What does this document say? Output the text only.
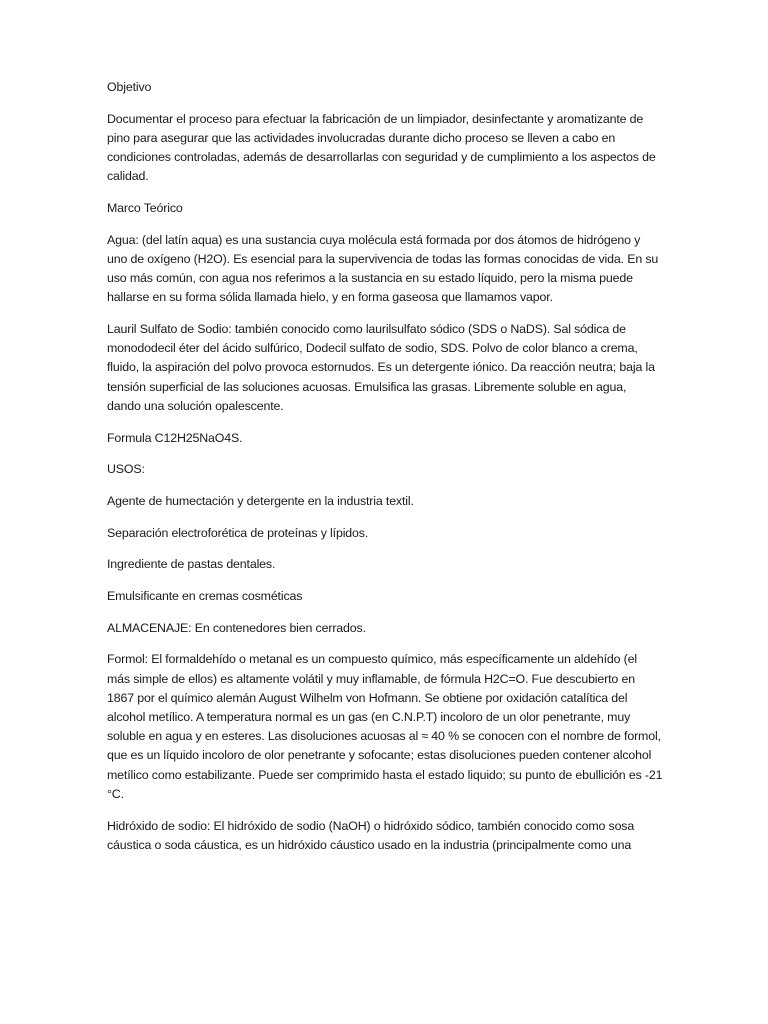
Objetivo

Documentar el proceso para efectuar la fabricación de un limpiador, desinfectante y aromatizante de pino para asegurar que las actividades involucradas durante dicho proceso se lleven a cabo en condiciones controladas, además de desarrollarlas con seguridad y de cumplimiento a los aspectos de calidad.

Marco Teórico

Agua: (del latín aqua) es una sustancia cuya molécula está formada por dos átomos de hidrógeno y uno de oxígeno (H2O). Es esencial para la supervivencia de todas las formas conocidas de vida. En su uso más común, con agua nos referimos a la sustancia en su estado líquido, pero la misma puede hallarse en su forma sólida llamada hielo, y en forma gaseosa que llamamos vapor.

Lauril Sulfato de Sodio: también conocido como laurilsulfato sódico (SDS o NaDS). Sal sódica de monododecil éter del ácido sulfúrico, Dodecil sulfato de sodio, SDS. Polvo de color blanco a crema, fluido, la aspiración del polvo provoca estornudos. Es un detergente iónico. Da reacción neutra; baja la tensión superficial de las soluciones acuosas. Emulsifica las grasas. Libremente soluble en agua, dando una solución opalescente.

Formula C12H25NaO4S.

USOS:

Agente de humectación y detergente en la industria textil.

Separación electroforética de proteínas y lípidos.

Ingrediente de pastas dentales.

Emulsificante en cremas cosméticas

ALMACENAJE: En contenedores bien cerrados.

Formol: El formaldehído o metanal es un compuesto químico, más específicamente un aldehído (el más simple de ellos) es altamente volátil y muy inflamable, de fórmula H2C=O. Fue descubierto en 1867 por el químico alemán August Wilhelm von Hofmann. Se obtiene por oxidación catalítica del alcohol metílico. A temperatura normal es un gas (en C.N.P.T) incoloro de un olor penetrante, muy soluble en agua y en esteres. Las disoluciones acuosas al ≈ 40 % se conocen con el nombre de formol, que es un líquido incoloro de olor penetrante y sofocante; estas disoluciones pueden contener alcohol metílico como estabilizante. Puede ser comprimido hasta el estado liquido; su punto de ebullición es -21 °C.

Hidróxido de sodio: El hidróxido de sodio (NaOH) o hidróxido sódico, también conocido como sosa cáustica o soda cáustica, es un hidróxido cáustico usado en la industria (principalmente como una
